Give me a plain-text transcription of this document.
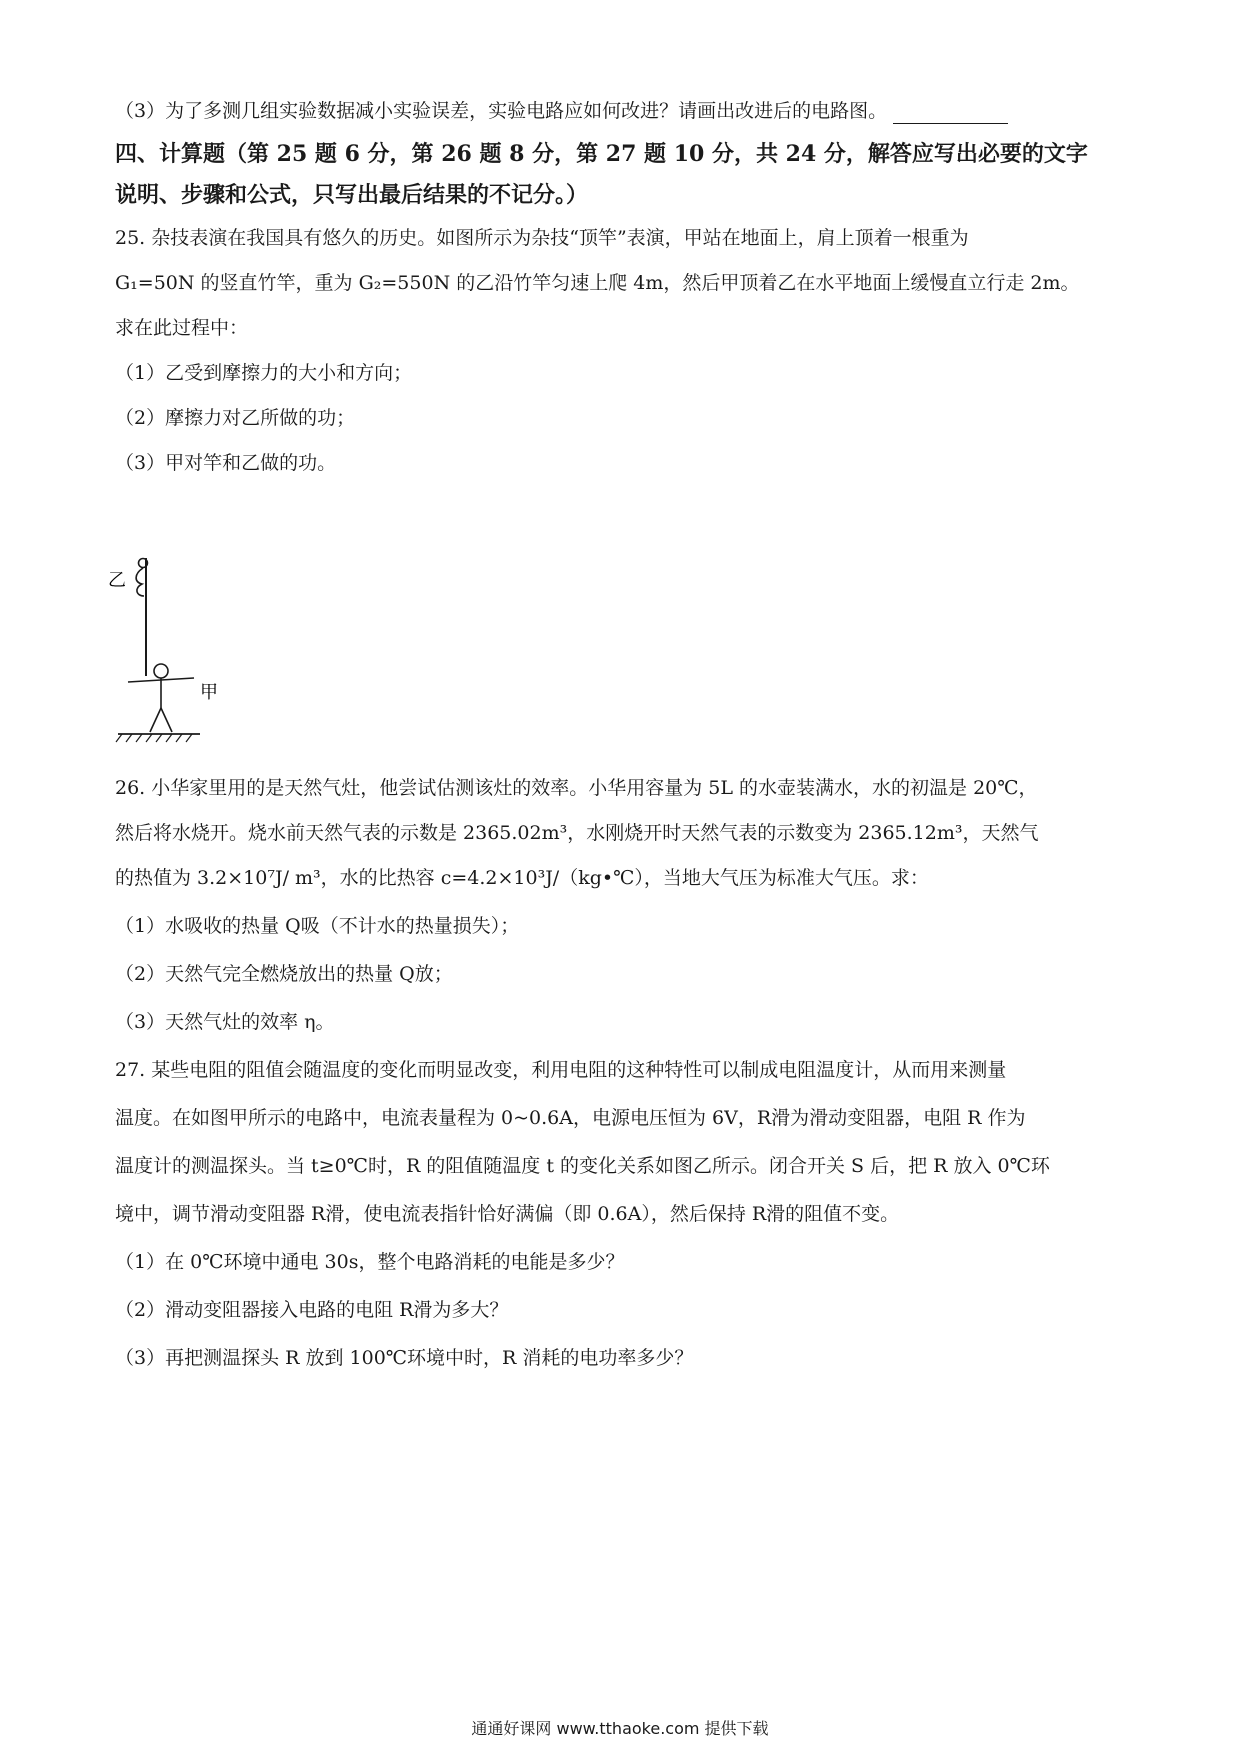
（3）为了多测几组实验数据减小实验误差，实验电路应如何改进？请画出改进后的电路图。
四、计算题（第 25 题 6 分，第 26 题 8 分，第 27 题 10 分，共 24 分，解答应写出必要的文字
说明、步骤和公式，只写出最后结果的不记分。）
25. 杂技表演在我国具有悠久的历史。如图所示为杂技“顶竿”表演，甲站在地面上，肩上顶着一根重为
G₁=50N 的竖直竹竿，重为 G₂=550N 的乙沿竹竿匀速上爬 4m，然后甲顶着乙在水平地面上缓慢直立行走 2m。
求在此过程中：
（1）乙受到摩擦力的大小和方向；
（2）摩擦力对乙所做的功；
（3）甲对竿和乙做的功。
乙
甲
26. 小华家里用的是天然气灶，他尝试估测该灶的效率。小华用容量为 5L 的水壶装满水，水的初温是 20℃，
然后将水烧开。烧水前天然气表的示数是 2365.02m³，水刚烧开时天然气表的示数变为 2365.12m³，天然气
的热值为 3.2×10⁷J/ m³，水的比热容 c=4.2×10³J/（kg•℃），当地大气压为标准大气压。求：
（1）水吸收的热量 Q吸（不计水的热量损失）；
（2）天然气完全燃烧放出的热量 Q放；
（3）天然气灶的效率 η。
27. 某些电阻的阻值会随温度的变化而明显改变，利用电阻的这种特性可以制成电阻温度计，从而用来测量
温度。在如图甲所示的电路中，电流表量程为 0~0.6A，电源电压恒为 6V，R滑为滑动变阻器，电阻 R 作为
温度计的测温探头。当 t≥0℃时，R 的阻值随温度 t 的变化关系如图乙所示。闭合开关 S 后，把 R 放入 0℃环
境中，调节滑动变阻器 R滑，使电流表指针恰好满偏（即 0.6A），然后保持 R滑的阻值不变。
（1）在 0℃环境中通电 30s，整个电路消耗的电能是多少？
（2）滑动变阻器接入电路的电阻 R滑为多大？
（3）再把测温探头 R 放到 100℃环境中时，R 消耗的电功率多少？
通通好课网 www.tthaoke.com 提供下载
